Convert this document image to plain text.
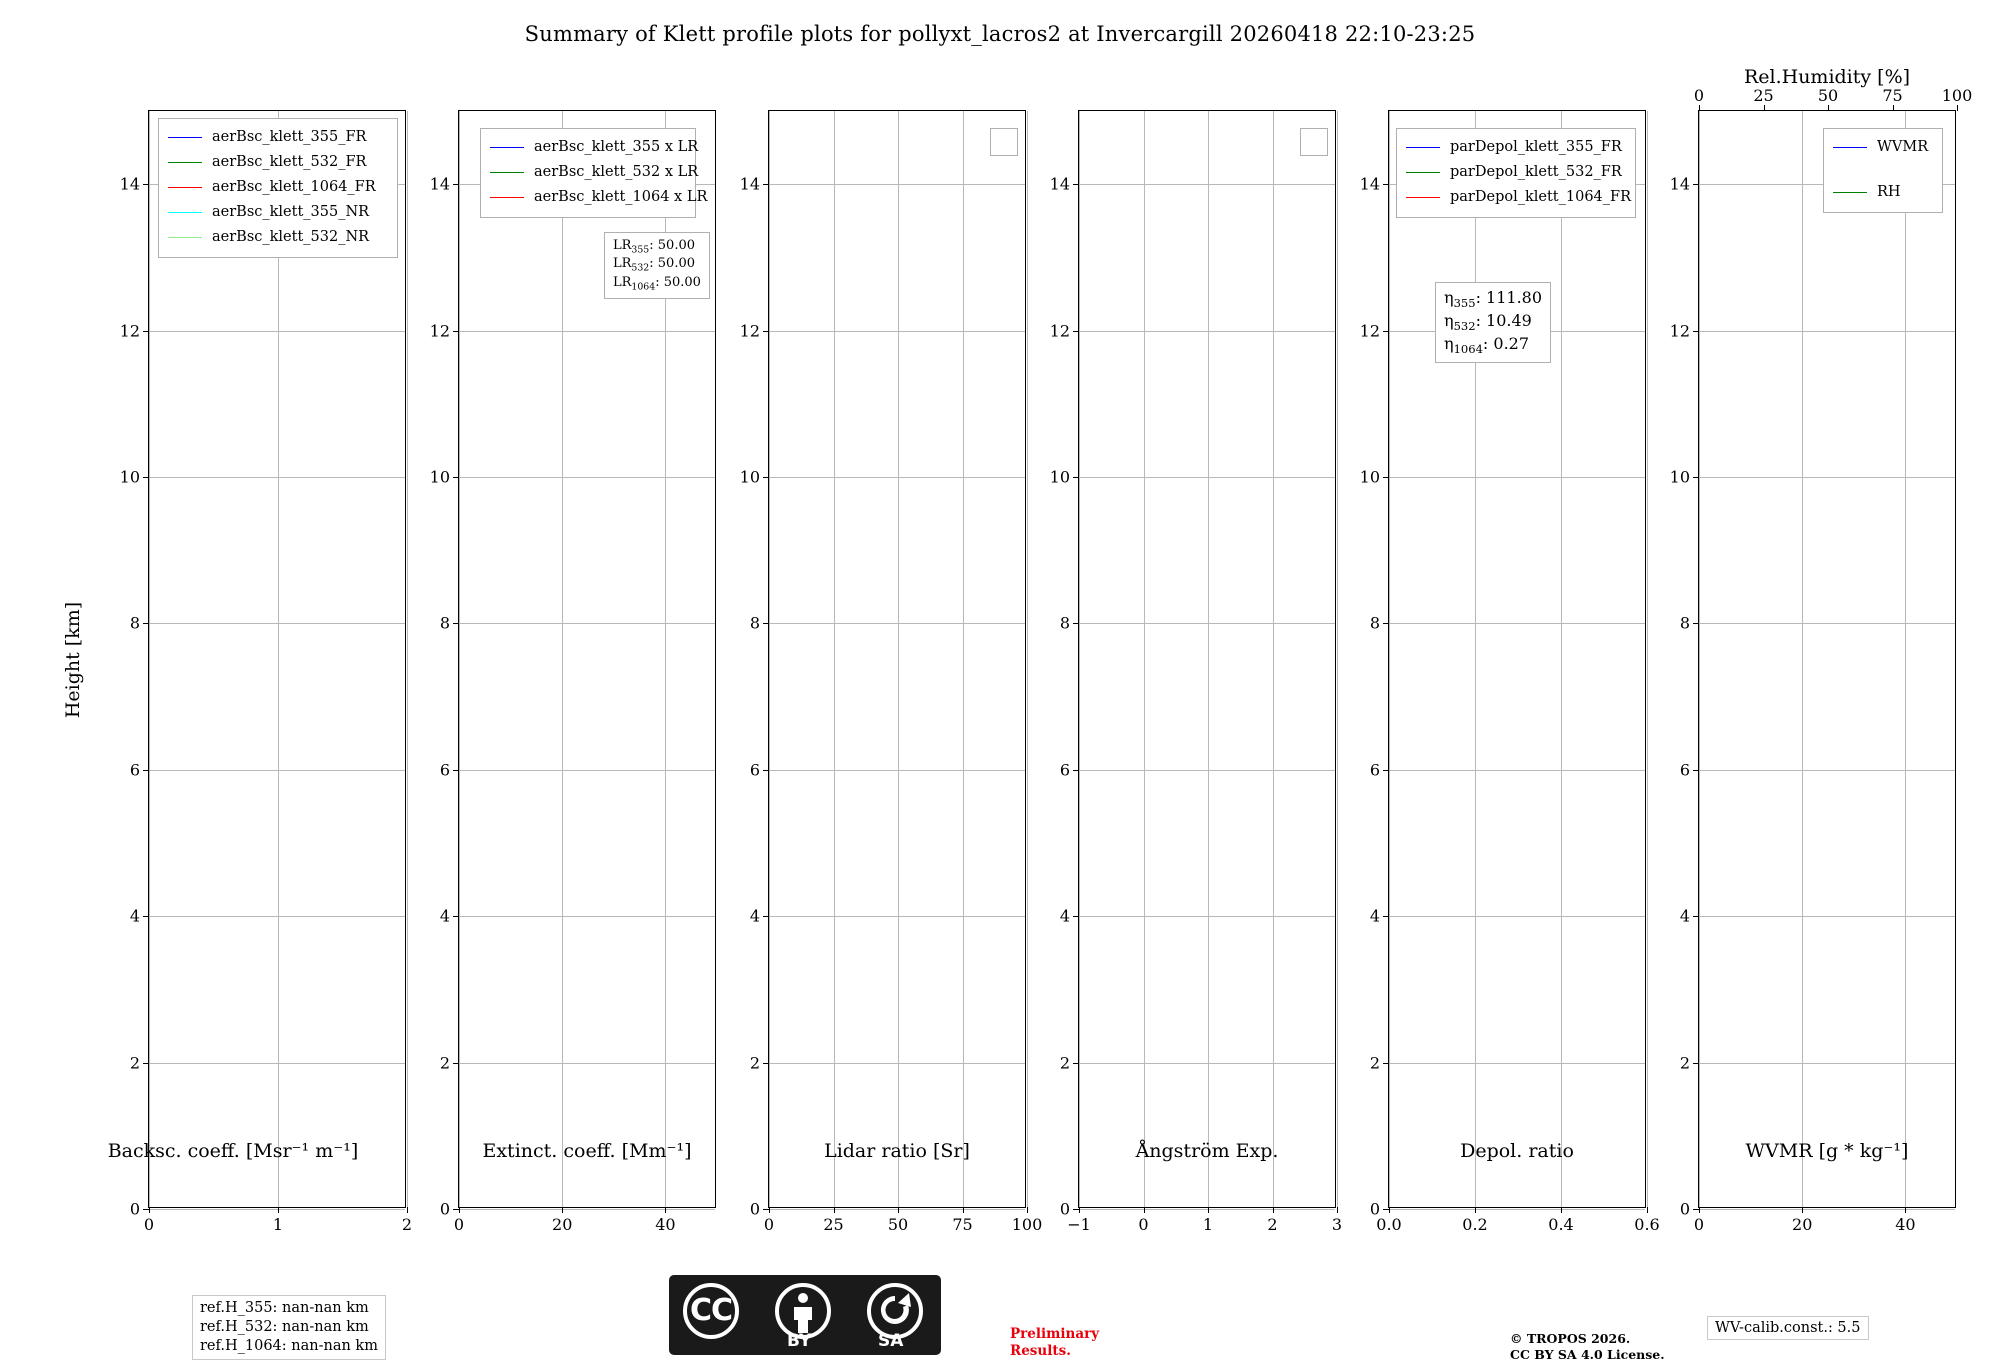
Summary of Klett profile plots for pollyxt_lacros2 at Invercargill 20260418 22:10-23:25
Height [km]
0
2
4
6
8
10
12
14
0	1	2
Backsc. coeff. [Msr⁻¹ m⁻¹]
0
2
4
6
8
10
12
14
0	20	40
Extinct. coeff. [Mm⁻¹]
0
2
4
6
8
10
12
14
0	25	50	75 100
Lidar ratio [Sr]
0
2
4
6
8
10
12
14
−1	0	1	2	3
Ångström Exp.
0
2
4
6
8
10
12
14
0.0	0.2	0.4	0.6
Depol. ratio
0
2
4
6
8
10
12
14
0	20	40
0	25	50	75 100
WVMR [g * kg⁻¹]
Rel.Humidity [%]
aerBsc_klett_355_FR
aerBsc_klett_532_FR
aerBsc_klett_1064_FR
aerBsc_klett_355_NR
aerBsc_klett_532_NR
aerBsc_klett_355 x LR
aerBsc_klett_532 x LR
aerBsc_klett_1064 x LR
parDepol_klett_355_FR
parDepol_klett_532_FR
parDepol_klett_1064_FR
WVMR
RH
$LR_{355}$: 50.00
$LR_{532}$: 50.00
$LR_{1064}$: 50.00
$\eta_{355}$: 111.80
$\eta_{532}$: 10.49
$\eta_{1064}$: 0.27
ref.H_355: nan-nan km
ref.H_532: nan-nan km
ref.H_1064: nan-nan km
WV-calib.const.: 5.5
Preliminary
Results.
© TROPOS 2026.
CC BY SA 4.0 License.
CC
BY	SA
